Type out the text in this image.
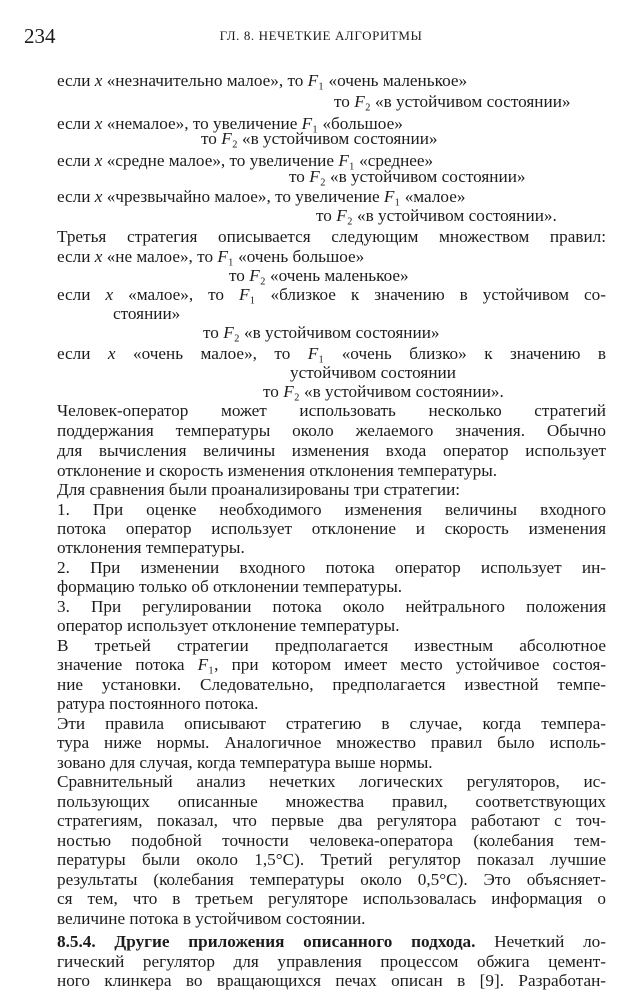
234	ГЛ. 8. НЕЧЕТКИЕ АЛГОРИТМЫ
если x «незначительно малое», то F₁ «очень маленькое»
то F₂ «в устойчивом состоянии»
если x «немалое», то увеличение F₁ «большое»
то F₂ «в устойчивом состоянии»
если x «средне малое», то увеличение F₁ «среднее»
то F₂ «в устойчивом состоянии»
если x «чрезвычайно малое», то увеличение F₁ «малое»
то F₂ «в устойчивом состоянии».
Третья стратегия описывается следующим множеством правил:
если x «не малое», то F₁ «очень большое»
то F₂ «очень маленькое»
если x «малое», то F₁ «близкое к значению в устойчивом со-
стоянии»
то F₂ «в устойчивом состоянии»
если x «очень малое», то F₁ «очень близко» к значению в
устойчивом состоянии
то F₂ «в устойчивом состоянии».
Человек-оператор может использовать несколько стратегий
поддержания температуры около желаемого значения. Обычно
для вычисления величины изменения входа оператор использует
отклонение и скорость изменения отклонения температуры.
Для сравнения были проанализированы три стратегии:
1. При оценке необходимого изменения величины входного
потока оператор использует отклонение и скорость изменения
отклонения температуры.
2. При изменении входного потока оператор использует ин-
формацию только об отклонении температуры.
3. При регулировании потока около нейтрального положения
оператор использует отклонение температуры.
В третьей стратегии предполагается известным абсолютное
значение потока F₁, при котором имеет место устойчивое состоя-
ние установки. Следовательно, предполагается известной темпе-
ратура постоянного потока.
Эти правила описывают стратегию в случае, когда темпера-
тура ниже нормы. Аналогичное множество правил было исполь-
зовано для случая, когда температура выше нормы.
Сравнительный анализ нечетких логических регуляторов, ис-
пользующих описанные множества правил, соответствующих
стратегиям, показал, что первые два регулятора работают с точ-
ностью подобной точности человека-оператора (колебания тем-
пературы были около 1,5°C). Третий регулятор показал лучшие
результаты (колебания температуры около 0,5°C). Это объясняет-
ся тем, что в третьем регуляторе использовалась информация о
величине потока в устойчивом состоянии.
8.5.4. Другие приложения описанного подхода. Нечеткий ло-
гический регулятор для управления процессом обжига цемент-
ного клинкера во вращающихся печах описан в [9]. Разработан-
